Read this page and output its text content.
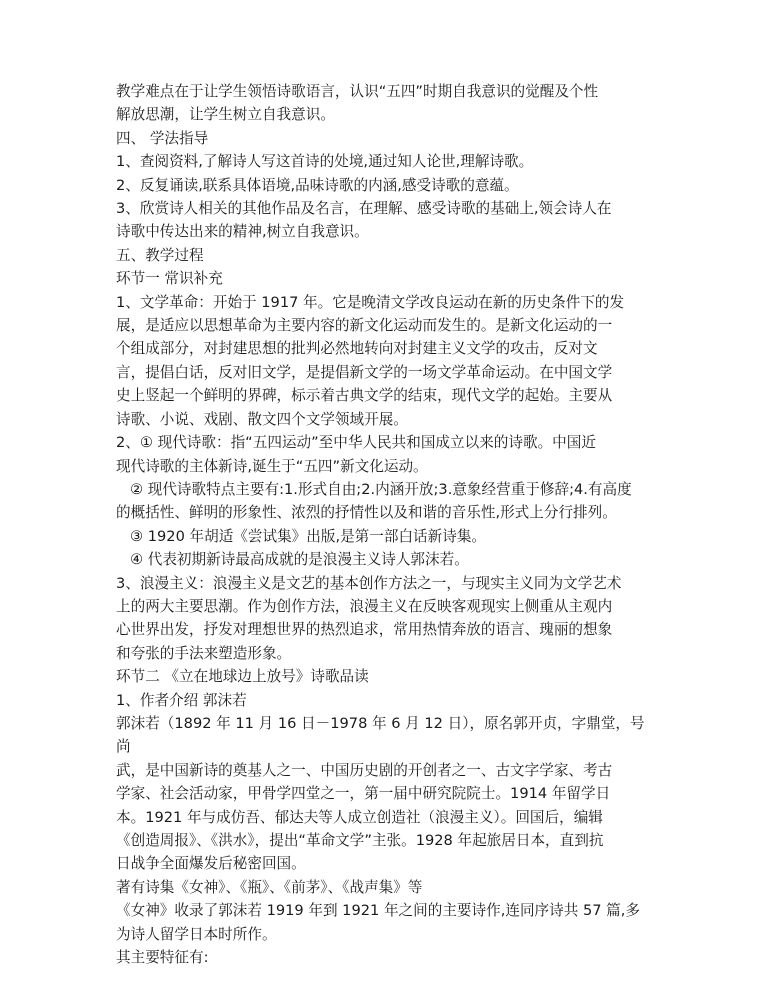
教学难点在于让学生领悟诗歌语言，认识“五四”时期自我意识的觉醒及个性

解放思潮，让学生树立自我意识。

四、 学法指导

1、查阅资料,了解诗人写这首诗的处境,通过知人论世,理解诗歌。

2、反复诵读,联系具体语境,品味诗歌的内涵,感受诗歌的意蕴。

3、欣赏诗人相关的其他作品及名言，在理解、感受诗歌的基础上,领会诗人在

诗歌中传达出来的精神,树立自我意识。

五、教学过程

环节一 常识补充

1、文学革命：开始于 1917 年。它是晚清文学改良运动在新的历史条件下的发

展，是适应以思想革命为主要内容的新文化运动而发生的。是新文化运动的一

个组成部分，对封建思想的批判必然地转向对封建主义文学的攻击，反对文

言，提倡白话，反对旧文学，是提倡新文学的一场文学革命运动。在中国文学

史上竖起一个鲜明的界碑，标示着古典文学的结束，现代文学的起始。主要从

诗歌、小说、戏剧、散文四个文学领域开展。

2、① 现代诗歌：指“五四运动”至中华人民共和国成立以来的诗歌。中国近

现代诗歌的主体新诗,诞生于“五四”新文化运动。

② 现代诗歌特点主要有:1.形式自由;2.内涵开放;3.意象经营重于修辞;4.有高度

的概括性、鲜明的形象性、浓烈的抒情性以及和谐的音乐性,形式上分行排列。

③ 1920 年胡适《尝试集》出版,是第一部白话新诗集。

④ 代表初期新诗最高成就的是浪漫主义诗人郭沫若。

3、浪漫主义：浪漫主义是文艺的基本创作方法之一，与现实主义同为文学艺术

上的两大主要思潮。作为创作方法，浪漫主义在反映客观现实上侧重从主观内

心世界出发，抒发对理想世界的热烈追求，常用热情奔放的语言、瑰丽的想象

和夸张的手法来塑造形象。

环节二 《立在地球边上放号》诗歌品读

1、作者介绍 郭沫若

郭沫若（1892 年 11 月 16 日－1978 年 6 月 12 日），原名郭开贞，字鼎堂，号尚

武，是中国新诗的奠基人之一、中国历史剧的开创者之一、古文字学家、考古

学家、社会活动家，甲骨学四堂之一，第一届中研究院院士。1914 年留学日

本。1921 年与成仿吾、郁达夫等人成立创造社（浪漫主义）。回国后，编辑

《创造周报》、《洪水》，提出“革命文学”主张。1928 年起旅居日本，直到抗

日战争全面爆发后秘密回国。

著有诗集《女神》、《瓶》、《前茅》、《战声集》等

《女神》收录了郭沫若 1919 年到 1921 年之间的主要诗作,连同序诗共 57 篇,多

为诗人留学日本时所作。

其主要特征有:
